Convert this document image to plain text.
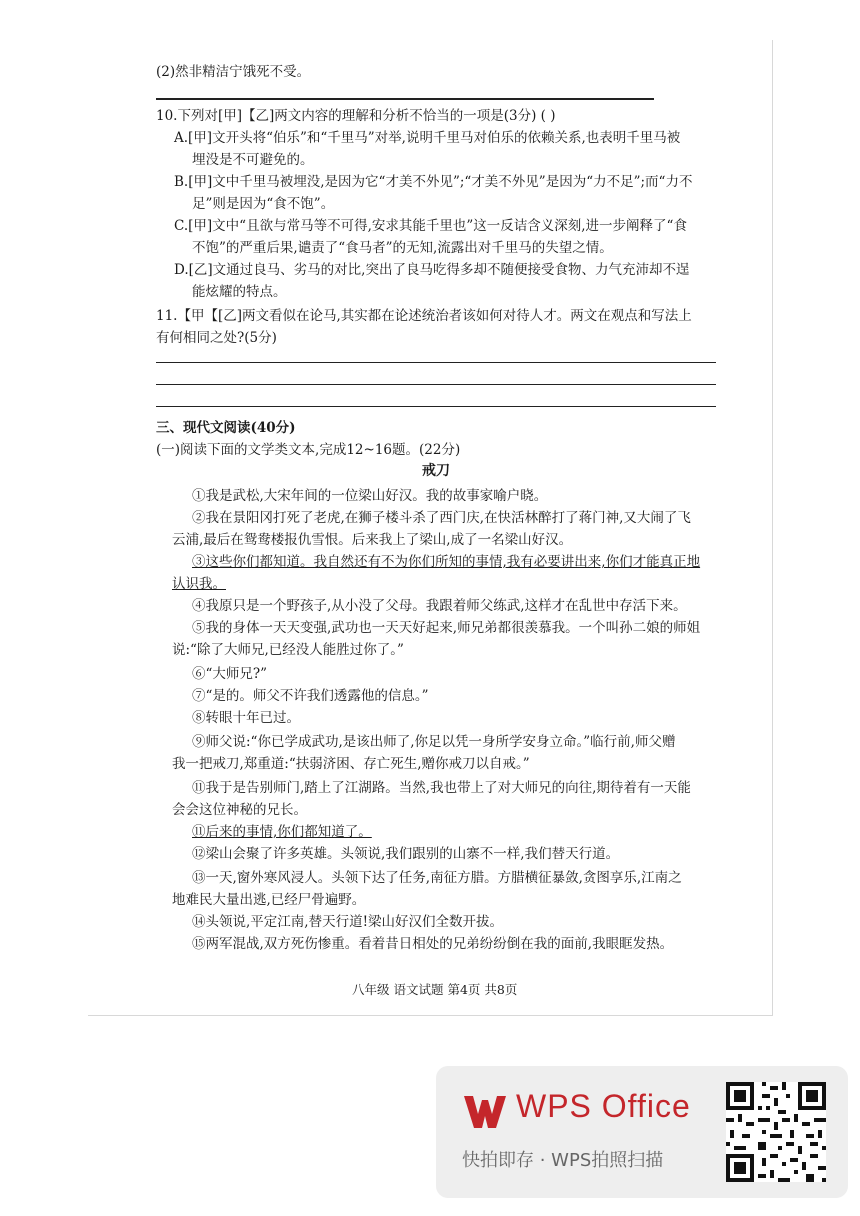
(2)然非精洁宁饿死不受。
10.下列对[甲]【乙]两文内容的理解和分析不恰当的一项是(3分) ( )
A.[甲]文开头将“伯乐”和“千里马”对举,说明千里马对伯乐的依赖关系,也表明千里马被
埋没是不可避免的。
B.[甲]文中千里马被埋没,是因为它“才美不外见”;“才美不外见”是因为“力不足”;而“力不
足”则是因为“食不饱”。
C.[甲]文中“且欲与常马等不可得,安求其能千里也”这一反诘含义深刻,进一步阐释了“食
不饱”的严重后果,谴责了“食马者”的无知,流露出对千里马的失望之情。
D.[乙]文通过良马、劣马的对比,突出了良马吃得多却不随便接受食物、力气充沛却不逞
能炫耀的特点。
11.【甲【[乙]两文看似在论马,其实都在论述统治者该如何对待人才。两文在观点和写法上
有何相同之处?(5分)
三、现代文阅读(40分)
(一)阅读下面的文学类文本,完成12~16题。(22分)
戒刀
①我是武松,大宋年间的一位梁山好汉。我的故事家喻户晓。
②我在景阳冈打死了老虎,在狮子楼斗杀了西门庆,在快活林醉打了蒋门神,又大闹了飞
云浦,最后在鸳鸯楼报仇雪恨。后来我上了梁山,成了一名梁山好汉。
③这些你们都知道。我自然还有不为你们所知的事情,我有必要讲出来,你们才能真正地
认识我。
④我原只是一个野孩子,从小没了父母。我跟着师父练武,这样才在乱世中存活下来。
⑤我的身体一天天变强,武功也一天天好起来,师兄弟都很羡慕我。一个叫孙二娘的师姐
说:“除了大师兄,已经没人能胜过你了。”
⑥“大师兄?”
⑦“是的。师父不许我们透露他的信息。”
⑧转眼十年已过。
⑨师父说:“你已学成武功,是该出师了,你足以凭一身所学安身立命。”临行前,师父赠
我一把戒刀,郑重道:“扶弱济困、存亡死生,赠你戒刀以自戒。”
⑪我于是告别师门,踏上了江湖路。当然,我也带上了对大师兄的向往,期待着有一天能
会会这位神秘的兄长。
⑪后来的事情,你们都知道了。
⑫梁山会聚了许多英雄。头领说,我们跟别的山寨不一样,我们替天行道。
⑬一天,窗外寒风浸人。头领下达了任务,南征方腊。方腊横征暴敛,贪图享乐,江南之
地难民大量出逃,已经尸骨遍野。
⑭头领说,平定江南,替天行道!梁山好汉们全数开拔。
⑮两军混战,双方死伤惨重。看着昔日相处的兄弟纷纷倒在我的面前,我眼眶发热。
八年级 语文试题 第4页 共8页
WPS Office
快拍即存 · WPS拍照扫描
